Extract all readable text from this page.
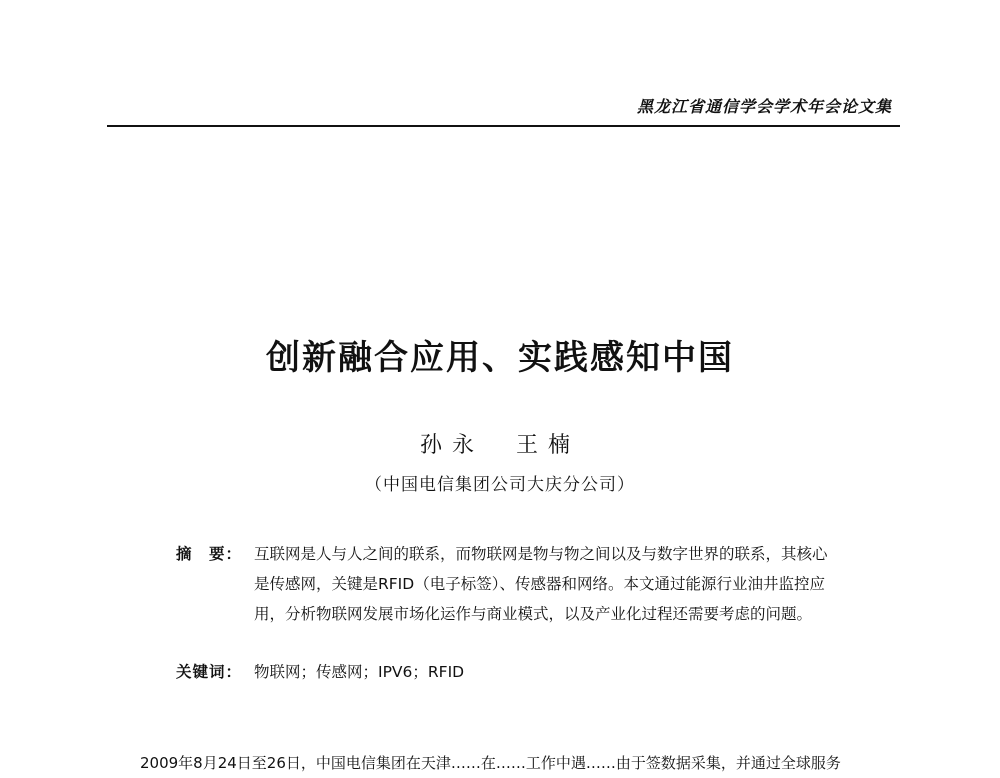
黑龙江省通信学会学术年会论文集
创新融合应用、实践感知中国
孙永　王楠
（中国电信集团公司大庆分公司）
摘　要： 互联网是人与人之间的联系，而物联网是物与物之间以及与数字世界的联系，其核心是传感网，关键是RFID（电子标签）、传感器和网络。本文通过能源行业油井监控应用，分析物联网发展市场化运作与商业模式，以及产业化过程还需要考虑的问题。
关键词： 物联网；传感网；IPV6；RFID
2009年8月24日至26日，中国电信集团在天津……在……工作中遇……由于签数据采集，并通过全球服务
